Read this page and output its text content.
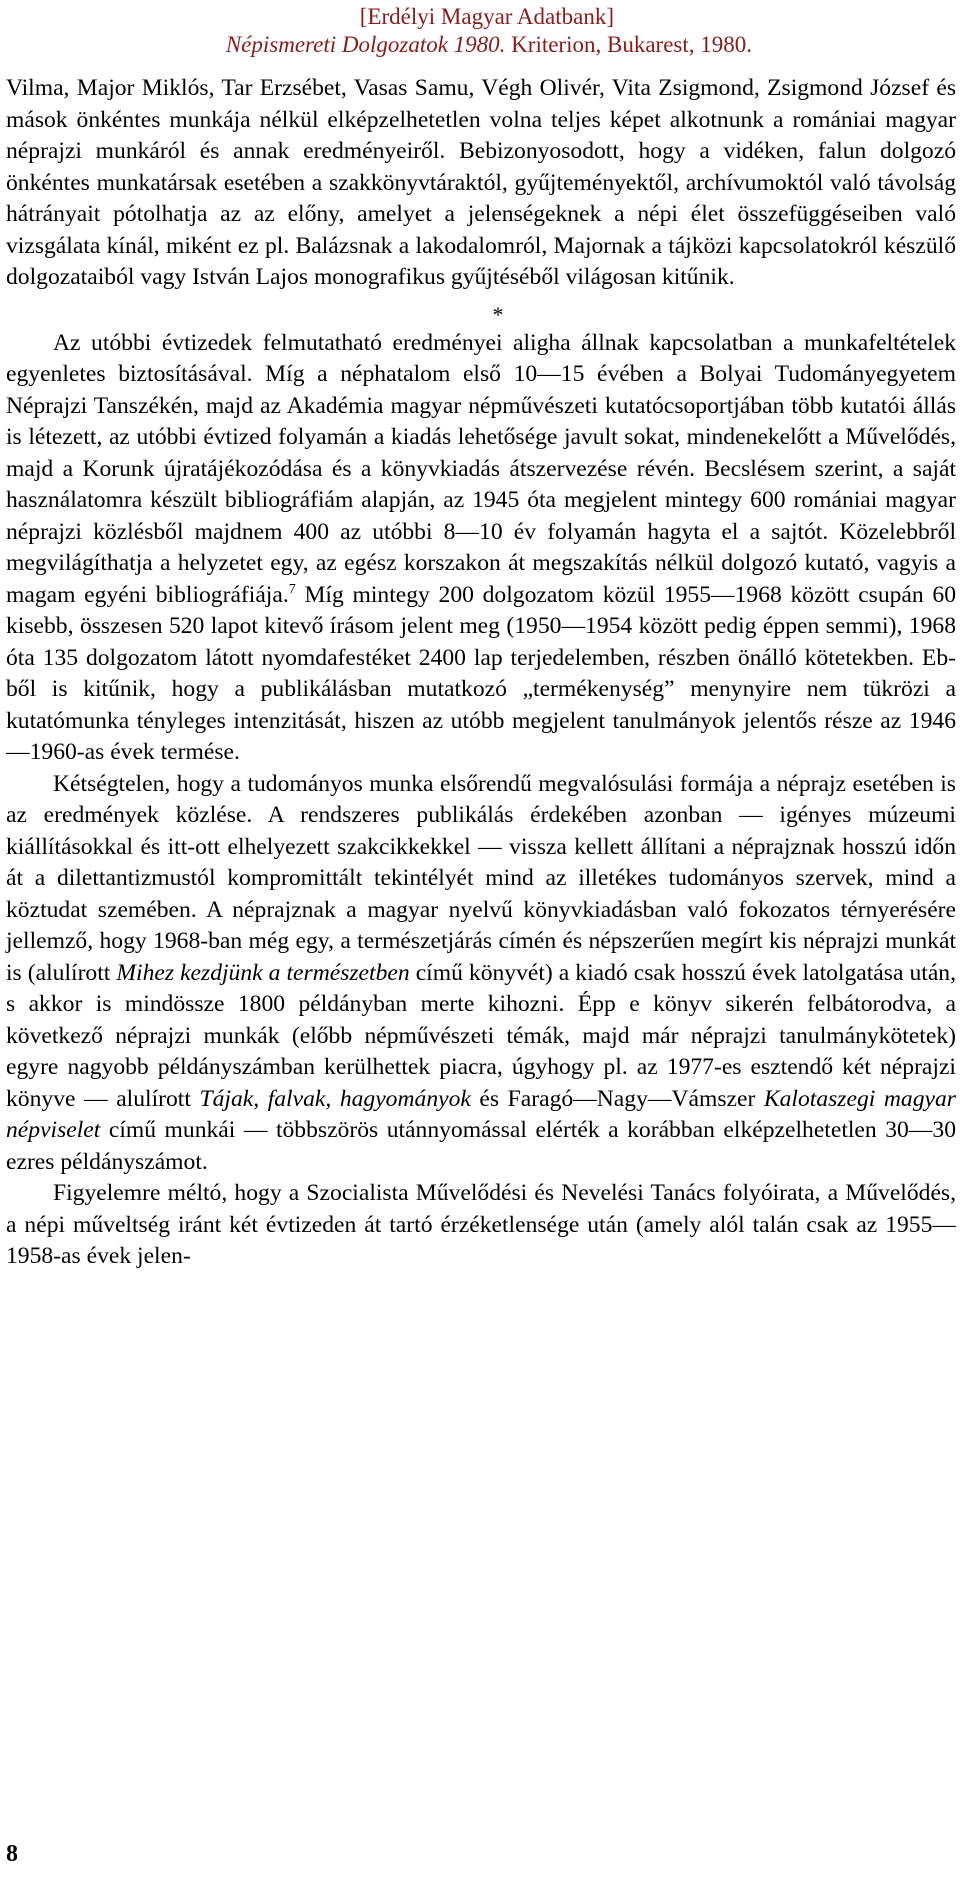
[Erdélyi Magyar Adatbank]
Népismereti Dolgozatok 1980. Kriterion, Bukarest, 1980.

Vilma, Major Miklós, Tar Erzsébet, Vasas Samu, Végh Olivér, Vita Zsigmond, Zsigmond József és mások önkéntes munkája nélkül elképzelhetetlen volna teljes képet alkotnunk a romániai magyar néprajzi munkáról és annak eredményeiről. Bebizonyosodott, hogy a vidéken, falun dolgozó önkéntes munkatársak esetében a szakkönyvtáraktól, gyűjteményektől, archívumoktól való távolság hátrányait pótolhatja az az előny, amelyet a jelenségeknek a népi élet összefüggéseiben való vizsgálata kínál, miként ez pl. Balázsnak a lakodalomról, Majornak a tájközi kapcsolatokról készülő dolgozataiból vagy István Lajos monografikus gyűjtéséből világosan kitűnik.

*

Az utóbbi évtizedek felmutatható eredményei aligha állnak kapcsolatban a munkafeltételek egyenletes biztosításával. Míg a néphatalom első 10—15 évében a Bolyai Tudományegyetem Néprajzi Tanszékén, majd az Akadémia magyar népművészeti kutatócsoportjában több kutatói állás is létezett, az utóbbi évtized folyamán a kiadás lehetősége javult sokat, mindenekelőtt a Művelődés, majd a Korunk újratájékozódása és a könyvkiadás átszervezése révén. Becslésem szerint, a saját használatomra készült bibliográfiám alapján, az 1945 óta megjelent mintegy 600 romániai magyar néprajzi közlésből majdnem 400 az utóbbi 8—10 év folyamán hagyta el a sajtót. Közelebbről megvilágíthatja a helyzetet egy, az egész korszakon át megszakítás nélkül dolgozó kutató, vagyis a magam egyéni bibliográfiája.$^7$ Míg mintegy 200 dolgozatom közül 1955—1968 között csupán 60 kisebb, összesen 520 lapot kitevő írásom jelent meg (1950—1954 között pedig éppen semmi), 1968 óta 135 dolgozatom látott nyomdafestéket 2400 lap terjedelemben, részben önálló kötetekben. Ebből is kitűnik, hogy a publikálásban mutatkozó „termékenység” menynyire nem tükrözi a kutatómunka tényleges intenzitását, hiszen az utóbb megjelent tanulmányok jelentős része az 1946—1960-as évek termése.

Kétségtelen, hogy a tudományos munka elsőrendű megvalósulási formája a néprajz esetében is az eredmények közlése. A rendszeres publikálás érdekében azonban — igényes múzeumi kiállításokkal és itt-ott elhelyezett szakcikkekkel — vissza kellett állítani a néprajznak hosszú időn át a dilettantizmustól kompromittált tekintélyét mind az illetékes tudományos szervek, mind a köztudat szemében. A néprajznak a magyar nyelvű könyvkiadásban való fokozatos térnyerésére jellemző, hogy 1968-ban még egy, a természetjárás címén és népszerűen megírt kis néprajzi munkát is (alulírott Mihez kezdjünk a természetben című könyvét) a kiadó csak hosszú évek latolgatása után, s akkor is mindössze 1800 példányban merte kihozni. Épp e könyv sikerén felbátorodva, a következő néprajzi munkák (előbb népművészeti témák, majd már néprajzi tanulmánykötetek) egyre nagyobb példányszámban kerülhettek piacra, úgyhogy pl. az 1977-es esztendő két néprajzi könyve — alulírott Tájak, falvak, hagyományok és Faragó—Nagy—Vámszer Kalotaszegi magyar népviselet című munkái — többszörös utánnyomással elérték a korábban elképzelhetetlen 30—30 ezres példányszámot.

Figyelemre méltó, hogy a Szocialista Művelődési és Nevelési Tanács folyóirata, a Művelődés, a népi műveltség iránt két évtizeden át tartó érzéketlensége után (amely alól talán csak az 1955—1958-as évek jelen-

8
